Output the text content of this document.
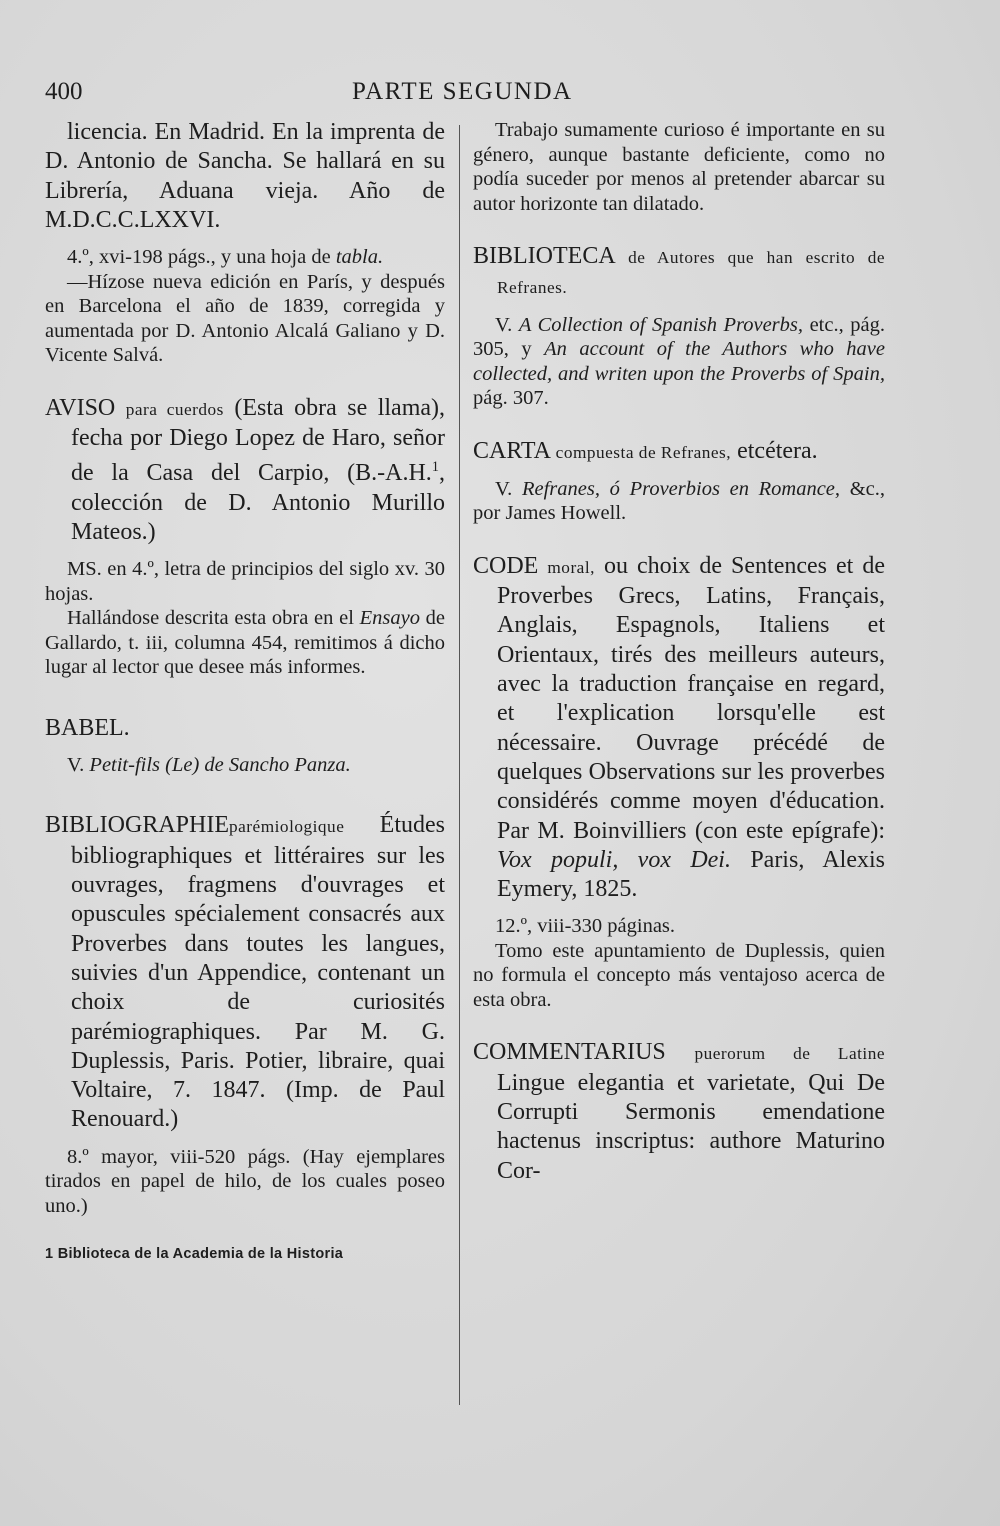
400	PARTE SEGUNDA

licencia. En Madrid. En la imprenta de D. Antonio de Sancha. Se hallará en su Librería, Aduana vieja. Año de M.D.C.C.LXXVI.

4.º, xvi-198 págs., y una hoja de tabla.

—Hízose nueva edición en París, y después en Barcelona el año de 1839, corregida y aumentada por D. Antonio Alcalá Galiano y D. Vicente Salvá.

AVISO para cuerdos (Esta obra se llama), fecha por Diego Lopez de Haro, señor de la Casa del Carpio, (B.-A.H.$^1$, colección de D. Antonio Murillo Mateos.)

MS. en 4.º, letra de principios del siglo xv. 30 hojas.

Hallándose descrita esta obra en el Ensayo de Gallardo, t. iii, columna 454, remitimos á dicho lugar al lector que desee más informes.

BABEL.

V. Petit-fils (Le) de Sancho Panza.

BIBLIOGRAPHIEparémiologique Études bibliographiques et littéraires sur les ouvrages, fragmens d'ouvrages et opuscules spécialement consacrés aux Proverbes dans toutes les langues, suivies d'un Appendice, contenant un choix de curiosités parémiographiques. Par M. G. Duplessis, Paris. Potier, libraire, quai Voltaire, 7. 1847. (Imp. de Paul Renouard.)

8.º mayor, viii-520 págs. (Hay ejemplares tirados en papel de hilo, de los cuales poseo uno.)

1 Biblioteca de la Academia de la Historia

Trabajo sumamente curioso é importante en su género, aunque bastante deficiente, como no podía suceder por menos al pretender abarcar su autor horizonte tan dilatado.

BIBLIOTECA de Autores que han escrito de Refranes.

V. A Collection of Spanish Proverbs, etc., pág. 305, y An account of the Authors who have collected, and writen upon the Proverbs of Spain, pág. 307.

CARTA compuesta de Refranes, etcétera.

V. Refranes, ó Proverbios en Romance, &c., por James Howell.

CODE moral, ou choix de Sentences et de Proverbes Grecs, Latins, Français, Anglais, Espagnols, Italiens et Orientaux, tirés des meilleurs auteurs, avec la traduction française en regard, et l'explication lorsqu'elle est nécessaire. Ouvrage précédé de quelques Observations sur les proverbes considérés comme moyen d'éducation. Par M. Boinvilliers (con este epígrafe): Vox populi, vox Dei. Paris, Alexis Eymery, 1825.

12.º, viii-330 páginas.

Tomo este apuntamiento de Duplessis, quien no formula el concepto más ventajoso acerca de esta obra.

COMMENTARIUS puerorum de Latine Lingue elegantia et varietate, Qui De Corrupti Sermonis emendatione hactenus inscriptus: authore Maturino Cor-
